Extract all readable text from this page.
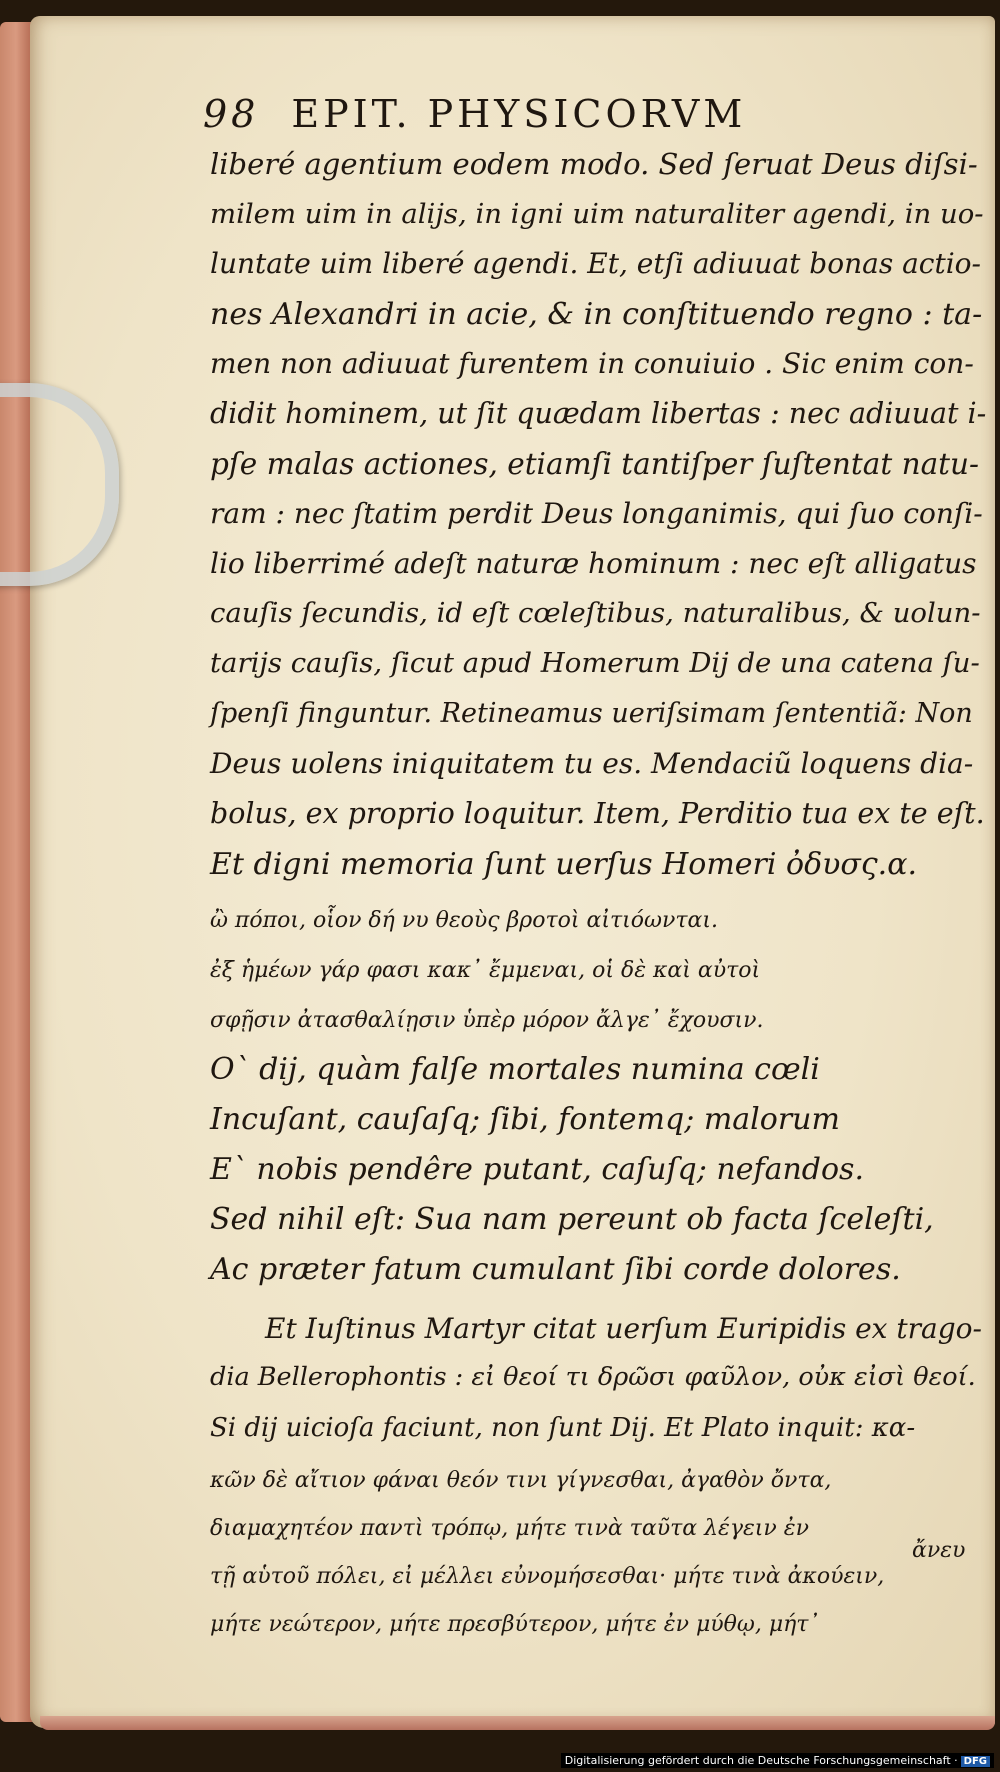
98 EPIT. PHYSICORVM
liberé agentium eodem modo. Sed ſeruat Deus diſsi-
milem uim in alijs, in igni uim naturaliter agendi, in uo-
luntate uim liberé agendi. Et, etſi adiuuat bonas actio-
nes Alexandri in acie, & in conſtituendo regno : ta-
men non adiuuat furentem in conuiuio . Sic enim con-
didit hominem, ut ſit quædam libertas : nec adiuuat i-
pſe malas actiones, etiamſi tantiſper ſuſtentat natu-
ram : nec ſtatim perdit Deus longanimis, qui ſuo conſi-
lio liberrimé adeſt naturæ hominum : nec eſt alligatus
cauſis ſecundis, id eſt cœleſtibus, naturalibus, & uolun-
tarijs cauſis, ſicut apud Homerum Dij de una catena ſu-
ſpenſi finguntur. Retineamus ueriſsimam ſententiã: Non
Deus uolens iniquitatem tu es. Mendaciũ loquens dia-
bolus, ex proprio loquitur. Item, Perditio tua ex te eſt.
Et digni memoria ſunt uerſus Homeri ὀδυσς.α.
ὢ πόποι, οἷον δή νυ θεοὺς βροτοὶ αἰτιόωνται.
ἐξ ἡμέων γάρ φασι κακ᾽ ἔμμεναι, οἱ δὲ καὶ αὐτοὶ
σφῇσιν ἀτασθαλίῃσιν ὑπὲρ μόρον ἄλγε᾽ ἔχουσιν.
O` dij, quàm falſe mortales numina cœli
Incuſant, cauſaſq; ſibi, fontemq; malorum
E` nobis pendêre putant, caſuſq; nefandos.
Sed nihil eſt: Sua nam pereunt ob facta ſceleſti,
Ac præter fatum cumulant ſibi corde dolores.
Et Iuſtinus Martyr citat uerſum Euripidis ex trago-
dia Bellerophontis : εἰ θεοί τι δρῶσι φαῦλον, οὐκ εἰσὶ θεοί.
Si dij uicioſa faciunt, non ſunt Dij. Et Plato inquit: κα-
κῶν δὲ αἴτιον φάναι θεόν τινι γίγνεσθαι, ἀγαθὸν ὄντα,
διαμαχητέον παντὶ τρόπῳ, μήτε τινὰ ταῦτα λέγειν ἐν
τῇ αὑτοῦ πόλει, εἰ μέλλει εὐνομήσεσθαι· μήτε τινὰ ἀκούειν,
μήτε νεώτερον, μήτε πρεσβύτερον, μήτε ἐν μύθῳ, μήτ᾽
ἄνευ
Digitalisierung gefördert durch die Deutsche Forschungsgemeinschaft · DFG
